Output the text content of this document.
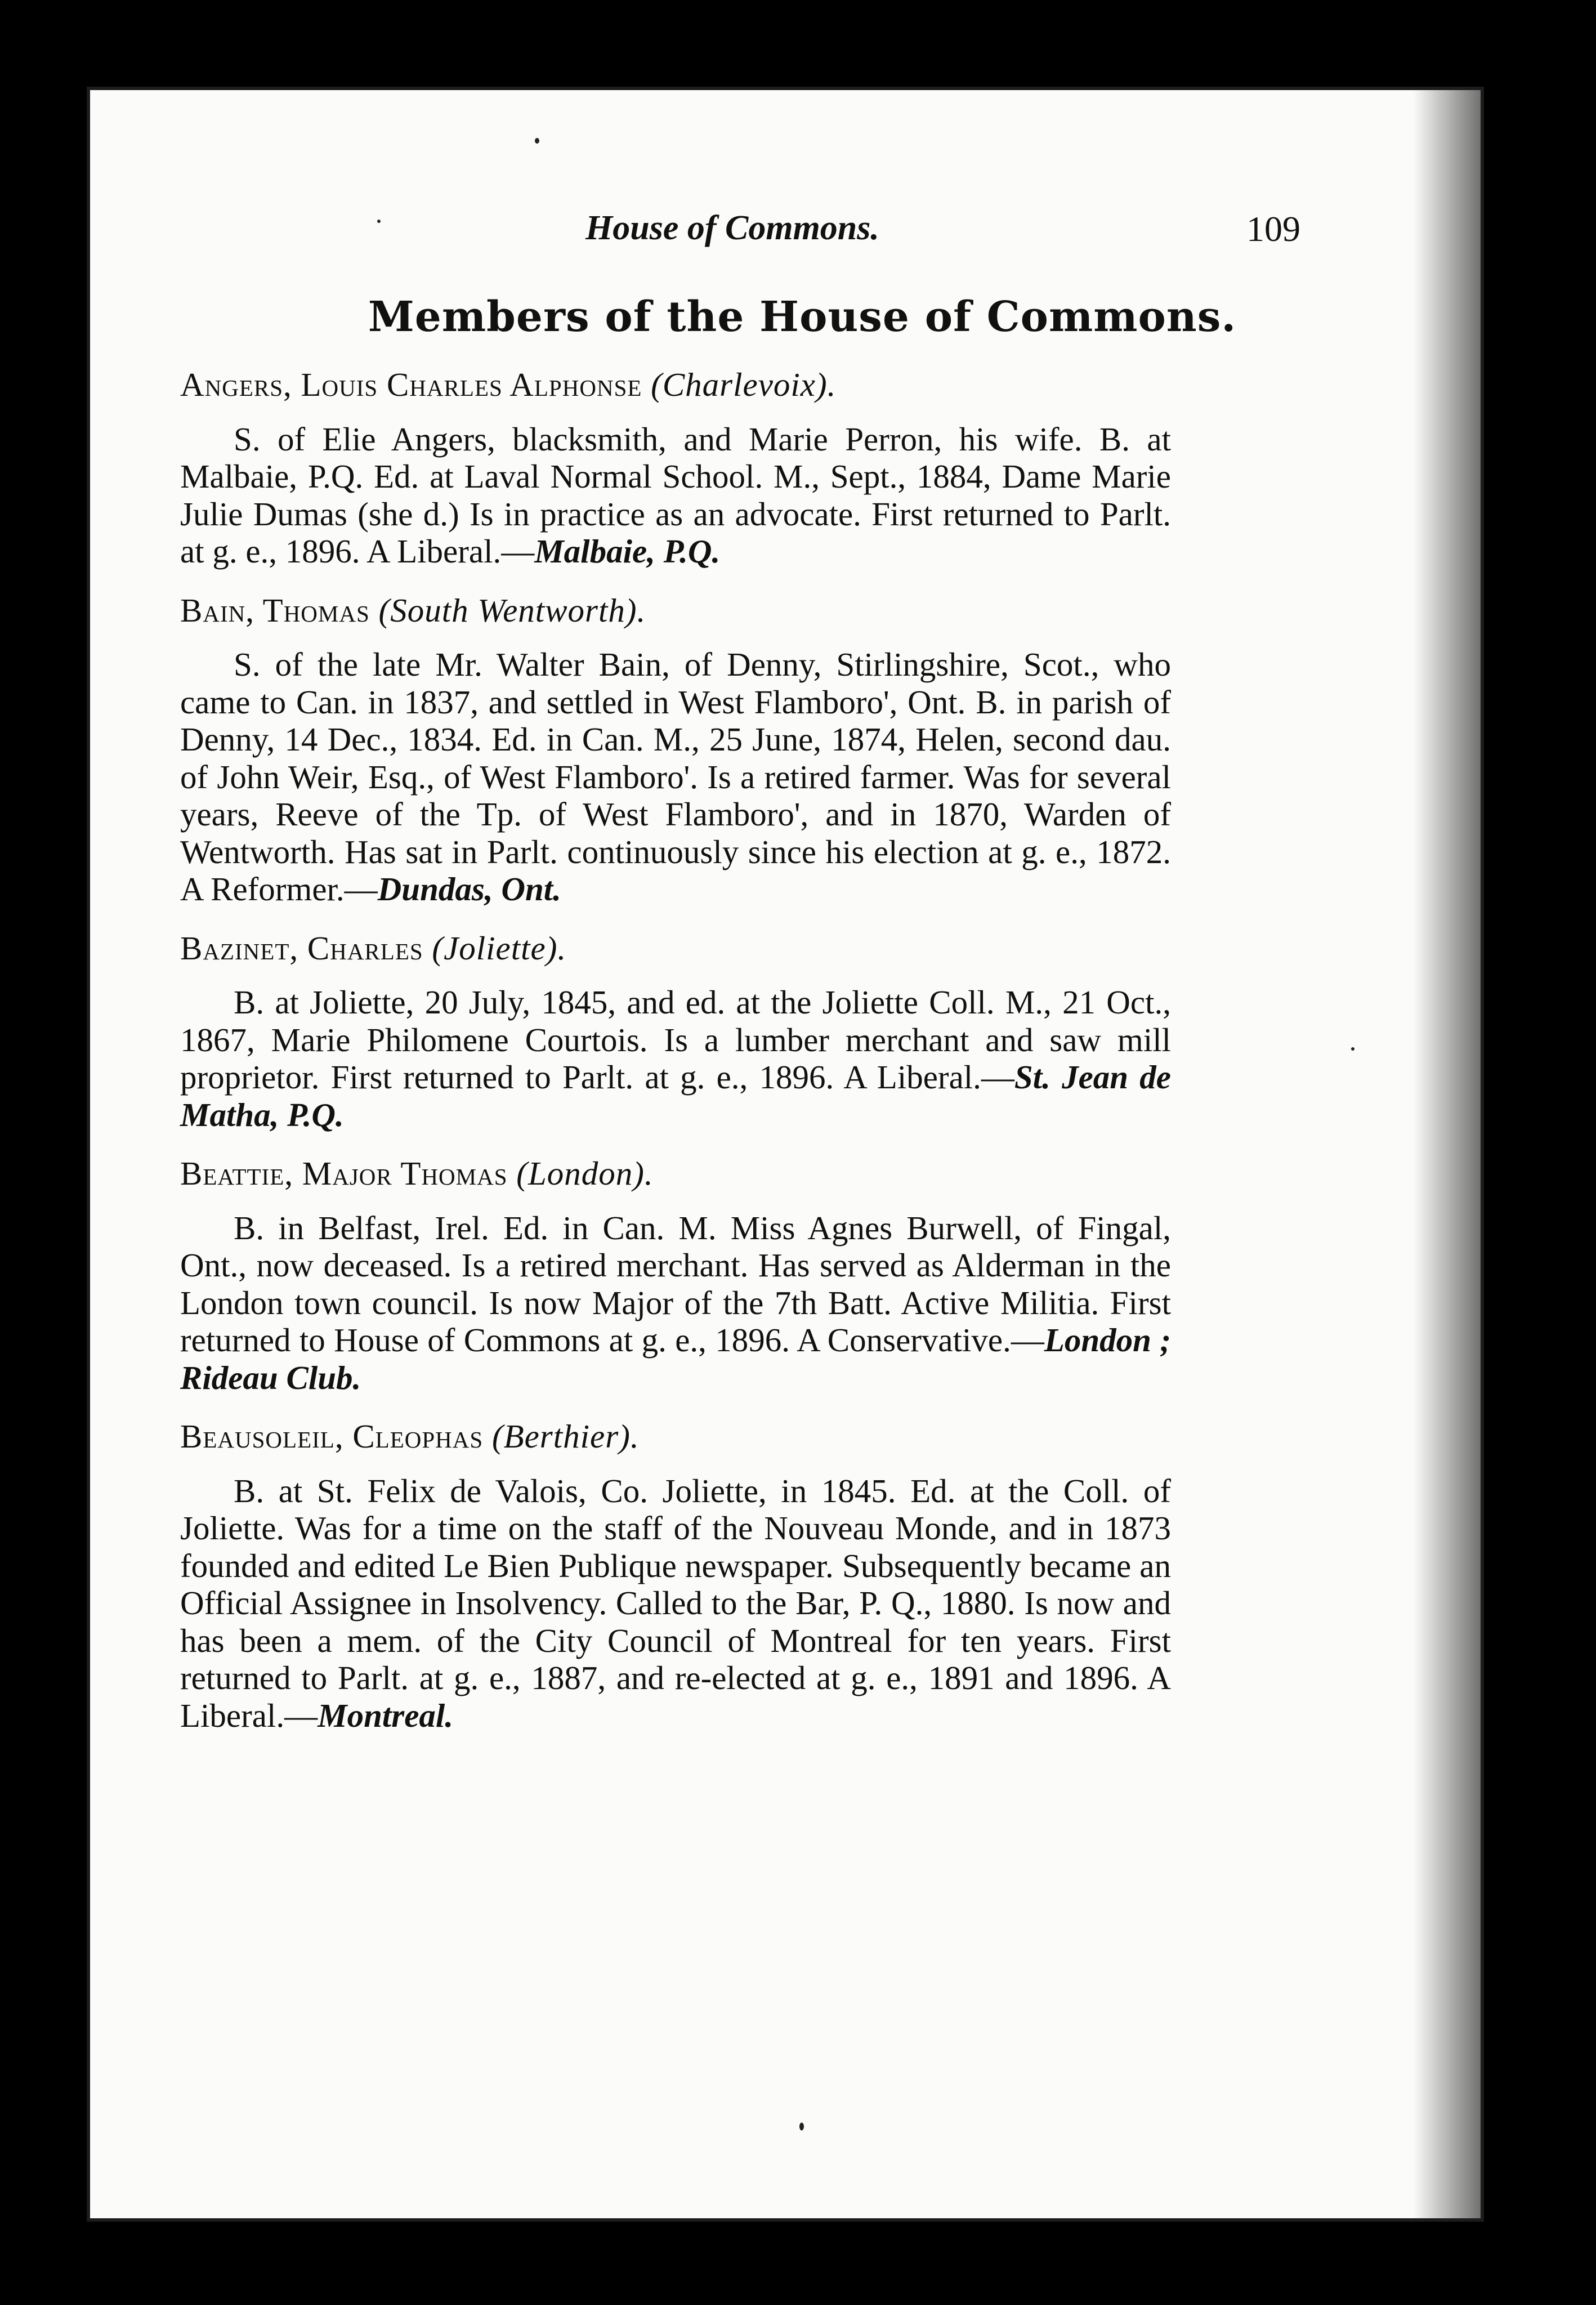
House of Commons.	109
Members of the House of Commons.

Angers, Louis Charles Alphonse (Charlevoix).

S. of Elie Angers, blacksmith, and Marie Perron, his wife. B. at Malbaie, P.Q. Ed. at Laval Normal School. M., Sept., 1884, Dame Marie Julie Dumas (she d.) Is in practice as an advocate. First returned to Parlt. at g. e., 1896. A Liberal.—Malbaie, P.Q.

Bain, Thomas (South Wentworth).

S. of the late Mr. Walter Bain, of Denny, Stirlingshire, Scot., who came to Can. in 1837, and settled in West Flamboro', Ont. B. in parish of Denny, 14 Dec., 1834. Ed. in Can. M., 25 June, 1874, Helen, second dau. of John Weir, Esq., of West Flamboro'. Is a retired farmer. Was for several years, Reeve of the Tp. of West Flamboro', and in 1870, Warden of Wentworth. Has sat in Parlt. continuously since his election at g. e., 1872. A Reformer.—Dundas, Ont.

Bazinet, Charles (Joliette).

B. at Joliette, 20 July, 1845, and ed. at the Joliette Coll. M., 21 Oct., 1867, Marie Philomene Courtois. Is a lumber merchant and saw mill proprietor. First returned to Parlt. at g. e., 1896. A Liberal.—St. Jean de Matha, P.Q.

Beattie, Major Thomas (London).

B. in Belfast, Irel. Ed. in Can. M. Miss Agnes Burwell, of Fingal, Ont., now deceased. Is a retired merchant. Has served as Alderman in the London town council. Is now Major of the 7th Batt. Active Militia. First returned to House of Commons at g. e., 1896. A Conservative.—London ; Rideau Club.

Beausoleil, Cleophas (Berthier).

B. at St. Felix de Valois, Co. Joliette, in 1845. Ed. at the Coll. of Joliette. Was for a time on the staff of the Nouveau Monde, and in 1873 founded and edited Le Bien Publique newspaper. Subsequently became an Official Assignee in Insolvency. Called to the Bar, P. Q., 1880. Is now and has been a mem. of the City Council of Montreal for ten years. First returned to Parlt. at g. e., 1887, and re-elected at g. e., 1891 and 1896. A Liberal.—Montreal.
